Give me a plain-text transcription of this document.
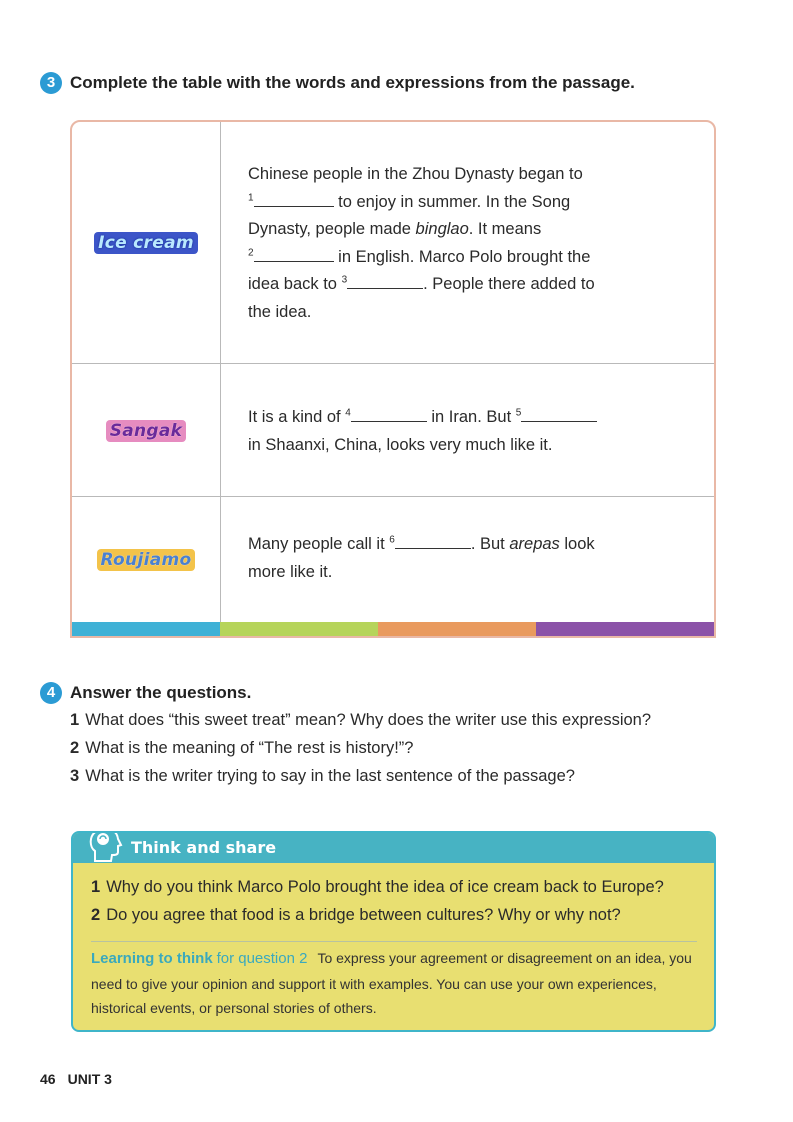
3 Complete the table with the words and expressions from the passage.
Ice cream
Chinese people in the Zhou Dynasty began to
$^1$	to enjoy in summer. In the Song
Dynasty, people made binglao. It means
$^2$	in English. Marco Polo brought the
idea back to $^3$	. People there added to
the idea.
Sangak
It is a kind of $^4$	in Iran. But $^5$
in Shaanxi, China, looks very much like it.
Roujiamo
Many people call it $^6$	. But arepas look
more like it.
4 Answer the questions.
1 What does “this sweet treat” mean? Why does the writer use this expression?
2 What is the meaning of “The rest is history!”?
3 What is the writer trying to say in the last sentence of the passage?
Think and share
1 Why do you think Marco Polo brought the idea of ice cream back to Europe?
2 Do you agree that food is a bridge between cultures? Why or why not?
Learning to think for question 2 To express your agreement or disagreement on an idea, you need to give your opinion and support it with examples. You can use your own experiences, historical events, or personal stories of others.
46 UNIT 3
